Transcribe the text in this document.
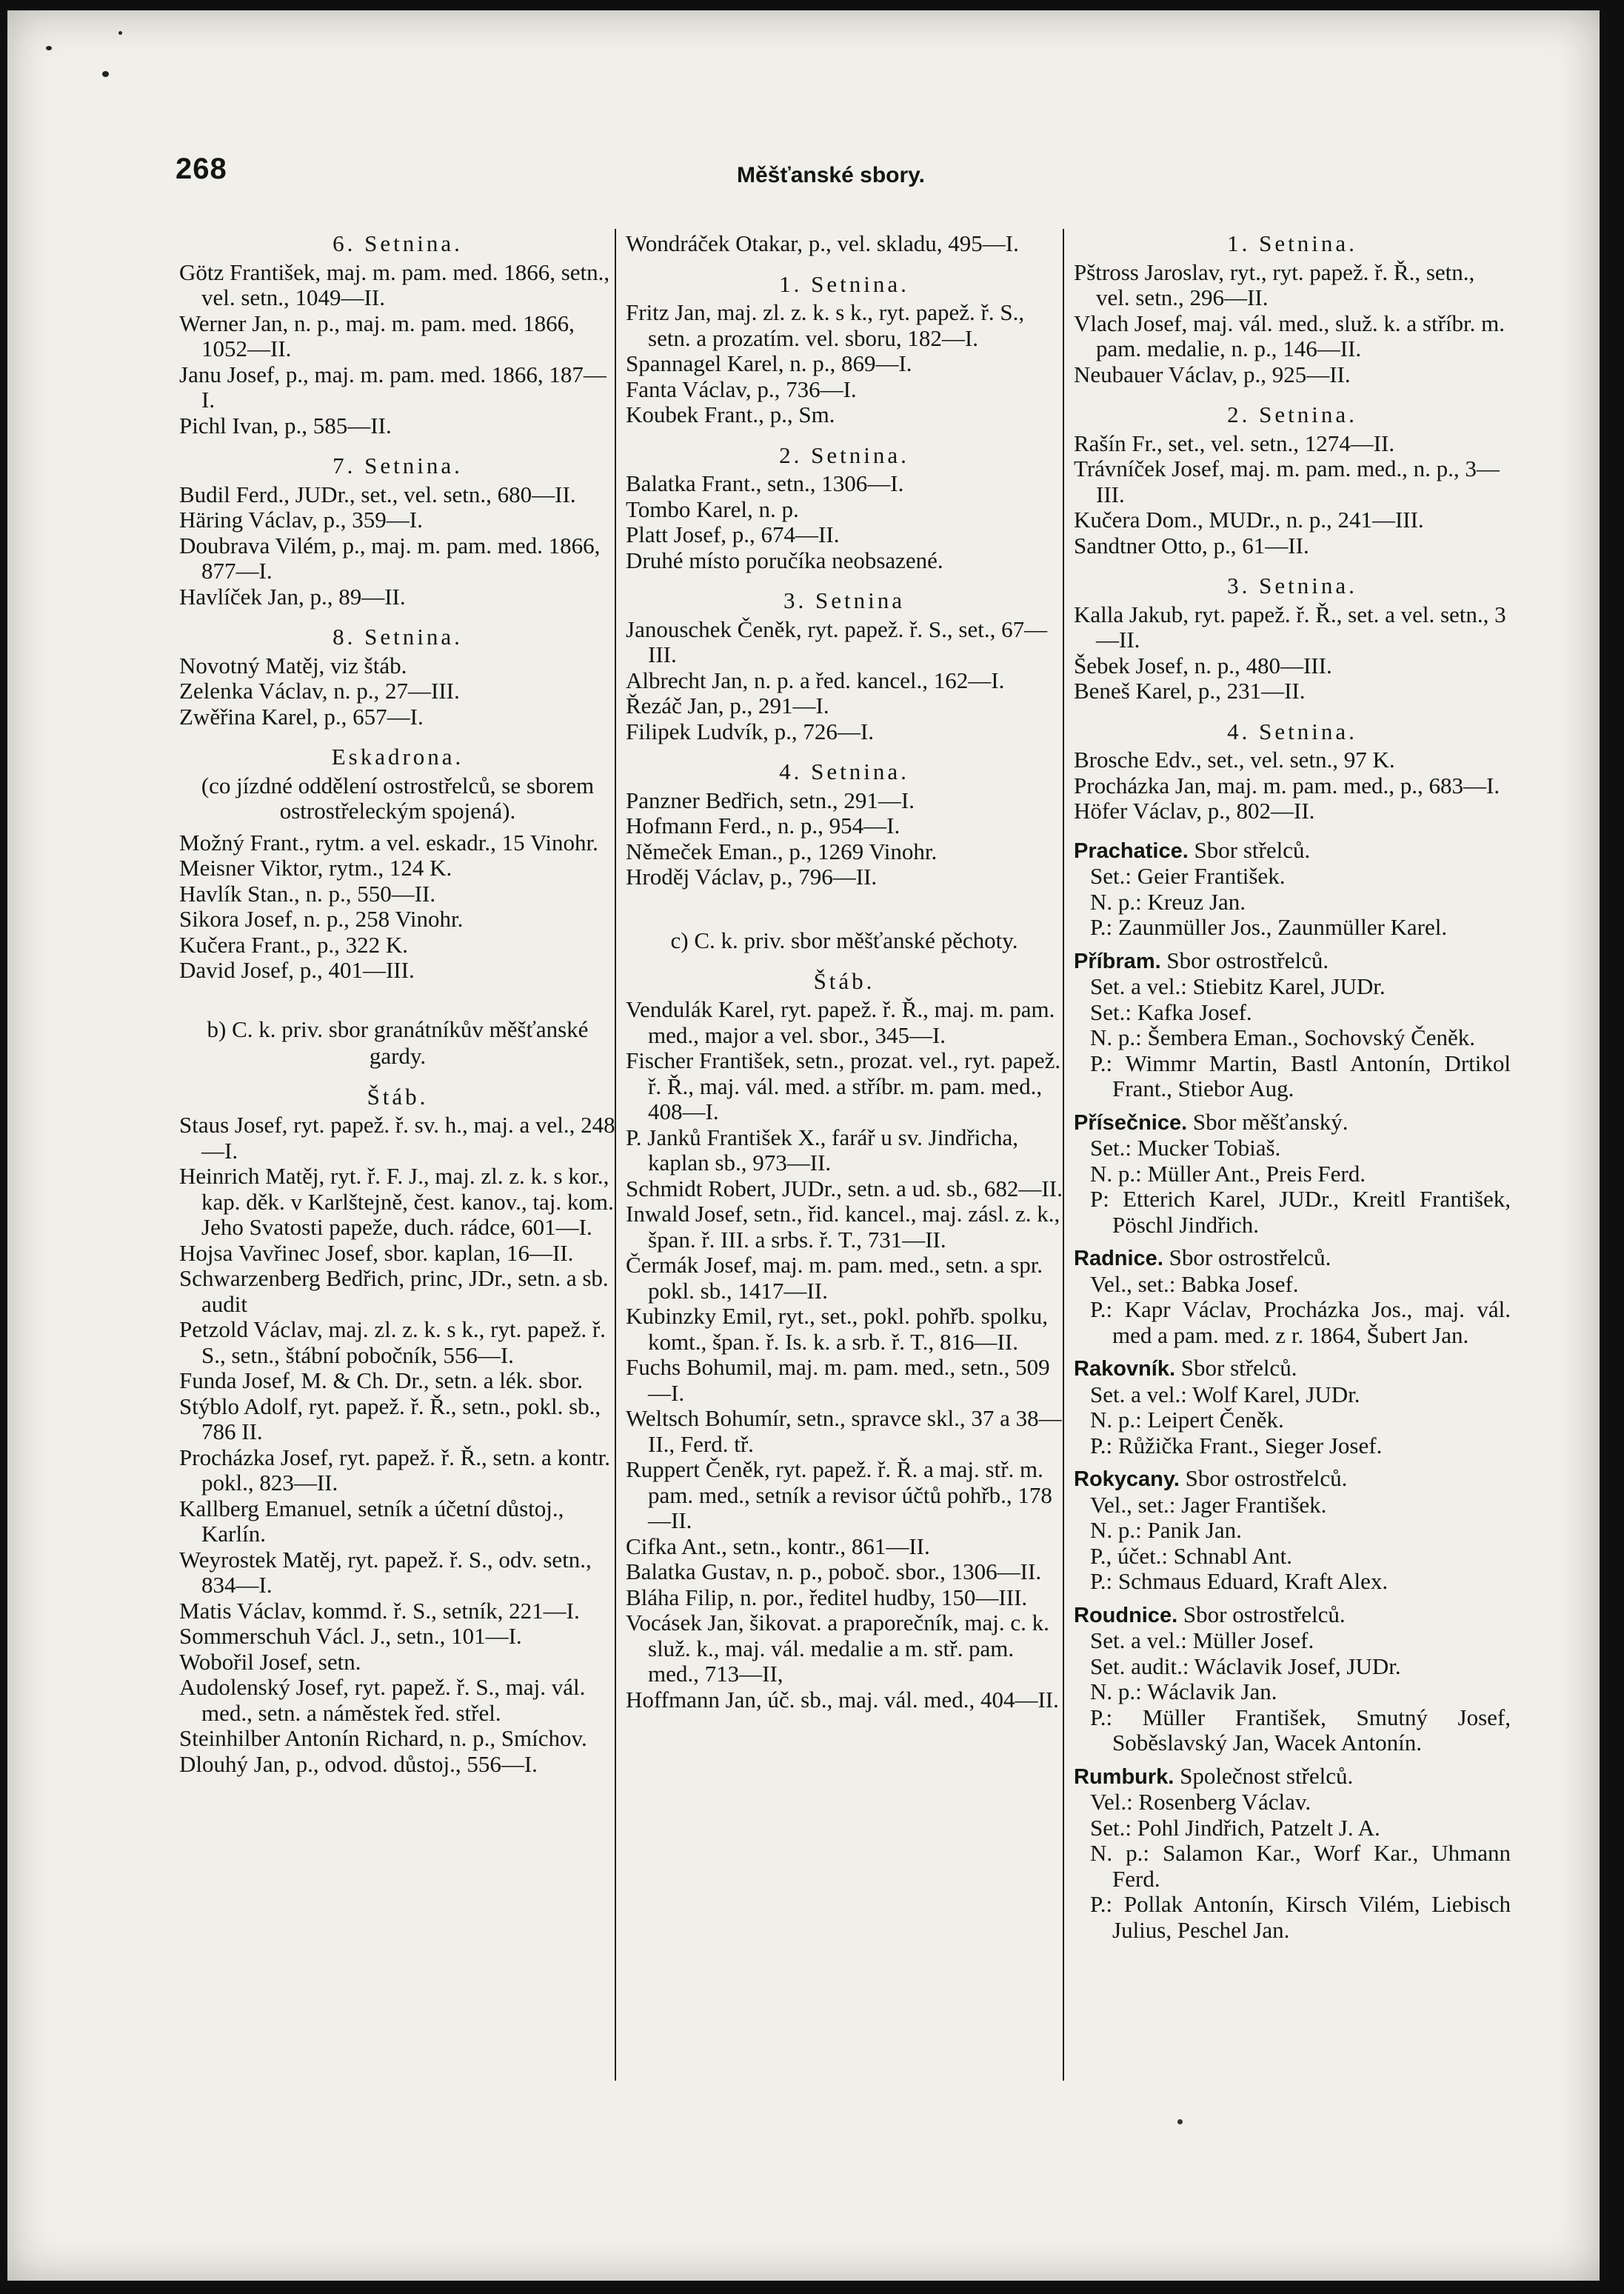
268	Měšťanské sbory.
6. Setnina.
Götz František, maj. m. pam. med. 1866, setn., vel. setn., 1049—II.
Werner Jan, n. p., maj. m. pam. med. 1866, 1052—II.
Janu Josef, p., maj. m. pam. med. 1866, 187—I.
Pichl Ivan, p., 585—II.
7. Setnina.
Budil Ferd., JUDr., set., vel. setn., 680—II.
Häring Václav, p., 359—I.
Doubrava Vilém, p., maj. m. pam. med. 1866, 877—I.
Havlíček Jan, p., 89—II.
8. Setnina.
Novotný Matěj, viz štáb.
Zelenka Václav, n. p., 27—III.
Zwěřina Karel, p., 657—I.
Eskadrona.
(co jízdné oddělení ostrostřelců, se sborem ostrostřeleckým spojená).
Možný Frant., rytm. a vel. eskadr., 15 Vinohr.
Meisner Viktor, rytm., 124 K.
Havlík Stan., n. p., 550—II.
Sikora Josef, n. p., 258 Vinohr.
Kučera Frant., p., 322 K.
David Josef, p., 401—III.
b) C. k. priv. sbor granátníkův měšťanské gardy.
Štáb.
Staus Josef, ryt. papež. ř. sv. h., maj. a vel., 248—I.
Heinrich Matěj, ryt. ř. F. J., maj. zl. z. k. s kor., kap. děk. v Karlštejně, čest. kanov., taj. kom. Jeho Svatosti papeže, duch. rádce, 601—I.
Hojsa Vavřinec Josef, sbor. kaplan, 16—II.
Schwarzenberg Bedřich, princ, JDr., setn. a sb. audit
Petzold Václav, maj. zl. z. k. s k., ryt. papež. ř. S., setn., štábní pobočník, 556—I.
Funda Josef, M. & Ch. Dr., setn. a lék. sbor.
Stýblo Adolf, ryt. papež. ř. Ř., setn., pokl. sb., 786 II.
Procházka Josef, ryt. papež. ř. Ř., setn. a kontr. pokl., 823—II.
Kallberg Emanuel, setník a účetní důstoj., Karlín.
Weyrostek Matěj, ryt. papež. ř. S., odv. setn., 834—I.
Matis Václav, kommd. ř. S., setník, 221—I.
Sommerschuh Václ. J., setn., 101—I.
Wobořil Josef, setn.
Audolenský Josef, ryt. papež. ř. S., maj. vál. med., setn. a náměstek řed. střel.
Steinhilber Antonín Richard, n. p., Smíchov.
Dlouhý Jan, p., odvod. důstoj., 556—I.
Wondráček Otakar, p., vel. skladu, 495—I.
1. Setnina.
Fritz Jan, maj. zl. z. k. s k., ryt. papež. ř. S., setn. a prozatím. vel. sboru, 182—I.
Spannagel Karel, n. p., 869—I.
Fanta Václav, p., 736—I.
Koubek Frant., p., Sm.
2. Setnina.
Balatka Frant., setn., 1306—I.
Tombo Karel, n. p.
Platt Josef, p., 674—II.
Druhé místo poručíka neobsazené.
3. Setnina
Janouschek Čeněk, ryt. papež. ř. S., set., 67—III.
Albrecht Jan, n. p. a řed. kancel., 162—I.
Řezáč Jan, p., 291—I.
Filipek Ludvík, p., 726—I.
4. Setnina.
Panzner Bedřich, setn., 291—I.
Hofmann Ferd., n. p., 954—I.
Němeček Eman., p., 1269 Vinohr.
Hroděj Václav, p., 796—II.
c) C. k. priv. sbor měšťanské pěchoty.
Štáb.
Vendulák Karel, ryt. papež. ř. Ř., maj. m. pam. med., major a vel. sbor., 345—I.
Fischer František, setn., prozat. vel., ryt. papež. ř. Ř., maj. vál. med. a stříbr. m. pam. med., 408—I.
P. Janků František X., farář u sv. Jindřicha, kaplan sb., 973—II.
Schmidt Robert, JUDr., setn. a ud. sb., 682—II.
Inwald Josef, setn., řid. kancel., maj. zásl. z. k., špan. ř. III. a srbs. ř. T., 731—II.
Čermák Josef, maj. m. pam. med., setn. a spr. pokl. sb., 1417—II.
Kubinzky Emil, ryt., set., pokl. pohřb. spolku, komt., špan. ř. Is. k. a srb. ř. T., 816—II.
Fuchs Bohumil, maj. m. pam. med., setn., 509—I.
Weltsch Bohumír, setn., spravce skl., 37 a 38—II., Ferd. tř.
Ruppert Čeněk, ryt. papež. ř. Ř. a maj. stř. m. pam. med., setník a revisor účtů pohřb., 178—II.
Cifka Ant., setn., kontr., 861—II.
Balatka Gustav, n. p., poboč. sbor., 1306—II.
Bláha Filip, n. por., ředitel hudby, 150—III.
Vocásek Jan, šikovat. a praporečník, maj. c. k. služ. k., maj. vál. medalie a m. stř. pam. med., 713—II,
Hoffmann Jan, úč. sb., maj. vál. med., 404—II.
1. Setnina.
Pštross Jaroslav, ryt., ryt. papež. ř. Ř., setn., vel. setn., 296—II.
Vlach Josef, maj. vál. med., služ. k. a stříbr. m. pam. medalie, n. p., 146—II.
Neubauer Václav, p., 925—II.
2. Setnina.
Rašín Fr., set., vel. setn., 1274—II.
Trávníček Josef, maj. m. pam. med., n. p., 3—III.
Kučera Dom., MUDr., n. p., 241—III.
Sandtner Otto, p., 61—II.
3. Setnina.
Kalla Jakub, ryt. papež. ř. Ř., set. a vel. setn., 3—II.
Šebek Josef, n. p., 480—III.
Beneš Karel, p., 231—II.
4. Setnina.
Brosche Edv., set., vel. setn., 97 K.
Procházka Jan, maj. m. pam. med., p., 683—I.
Höfer Václav, p., 802—II.
Prachatice. Sbor střelců.
Set.: Geier František.
N. p.: Kreuz Jan.
P.: Zaunmüller Jos., Zaunmüller Karel.
Příbram. Sbor ostrostřelců.
Set. a vel.: Stiebitz Karel, JUDr.
Set.: Kafka Josef.
N. p.: Šembera Eman., Sochovský Čeněk.
P.: Wimmr Martin, Bastl Antonín, Drtikol Frant., Stiebor Aug.
Přísečnice. Sbor měšťanský.
Set.: Mucker Tobiaš.
N. p.: Müller Ant., Preis Ferd.
P: Etterich Karel, JUDr., Kreitl František, Pöschl Jindřich.
Radnice. Sbor ostrostřelců.
Vel., set.: Babka Josef.
P.: Kapr Václav, Procházka Jos., maj. vál. med a pam. med. z r. 1864, Šubert Jan.
Rakovník. Sbor střelců.
Set. a vel.: Wolf Karel, JUDr.
N. p.: Leipert Čeněk.
P.: Růžička Frant., Sieger Josef.
Rokycany. Sbor ostrostřelců.
Vel., set.: Jager František.
N. p.: Panik Jan.
P., účet.: Schnabl Ant.
P.: Schmaus Eduard, Kraft Alex.
Roudnice. Sbor ostrostřelců.
Set. a vel.: Müller Josef.
Set. audit.: Wáclavik Josef, JUDr.
N. p.: Wáclavik Jan.
P.: Müller František, Smutný Josef, Soběslavský Jan, Wacek Antonín.
Rumburk. Společnost střelců.
Vel.: Rosenberg Václav.
Set.: Pohl Jindřich, Patzelt J. A.
N. p.: Salamon Kar., Worf Kar., Uhmann Ferd.
P.: Pollak Antonín, Kirsch Vilém, Liebisch Julius, Peschel Jan.
